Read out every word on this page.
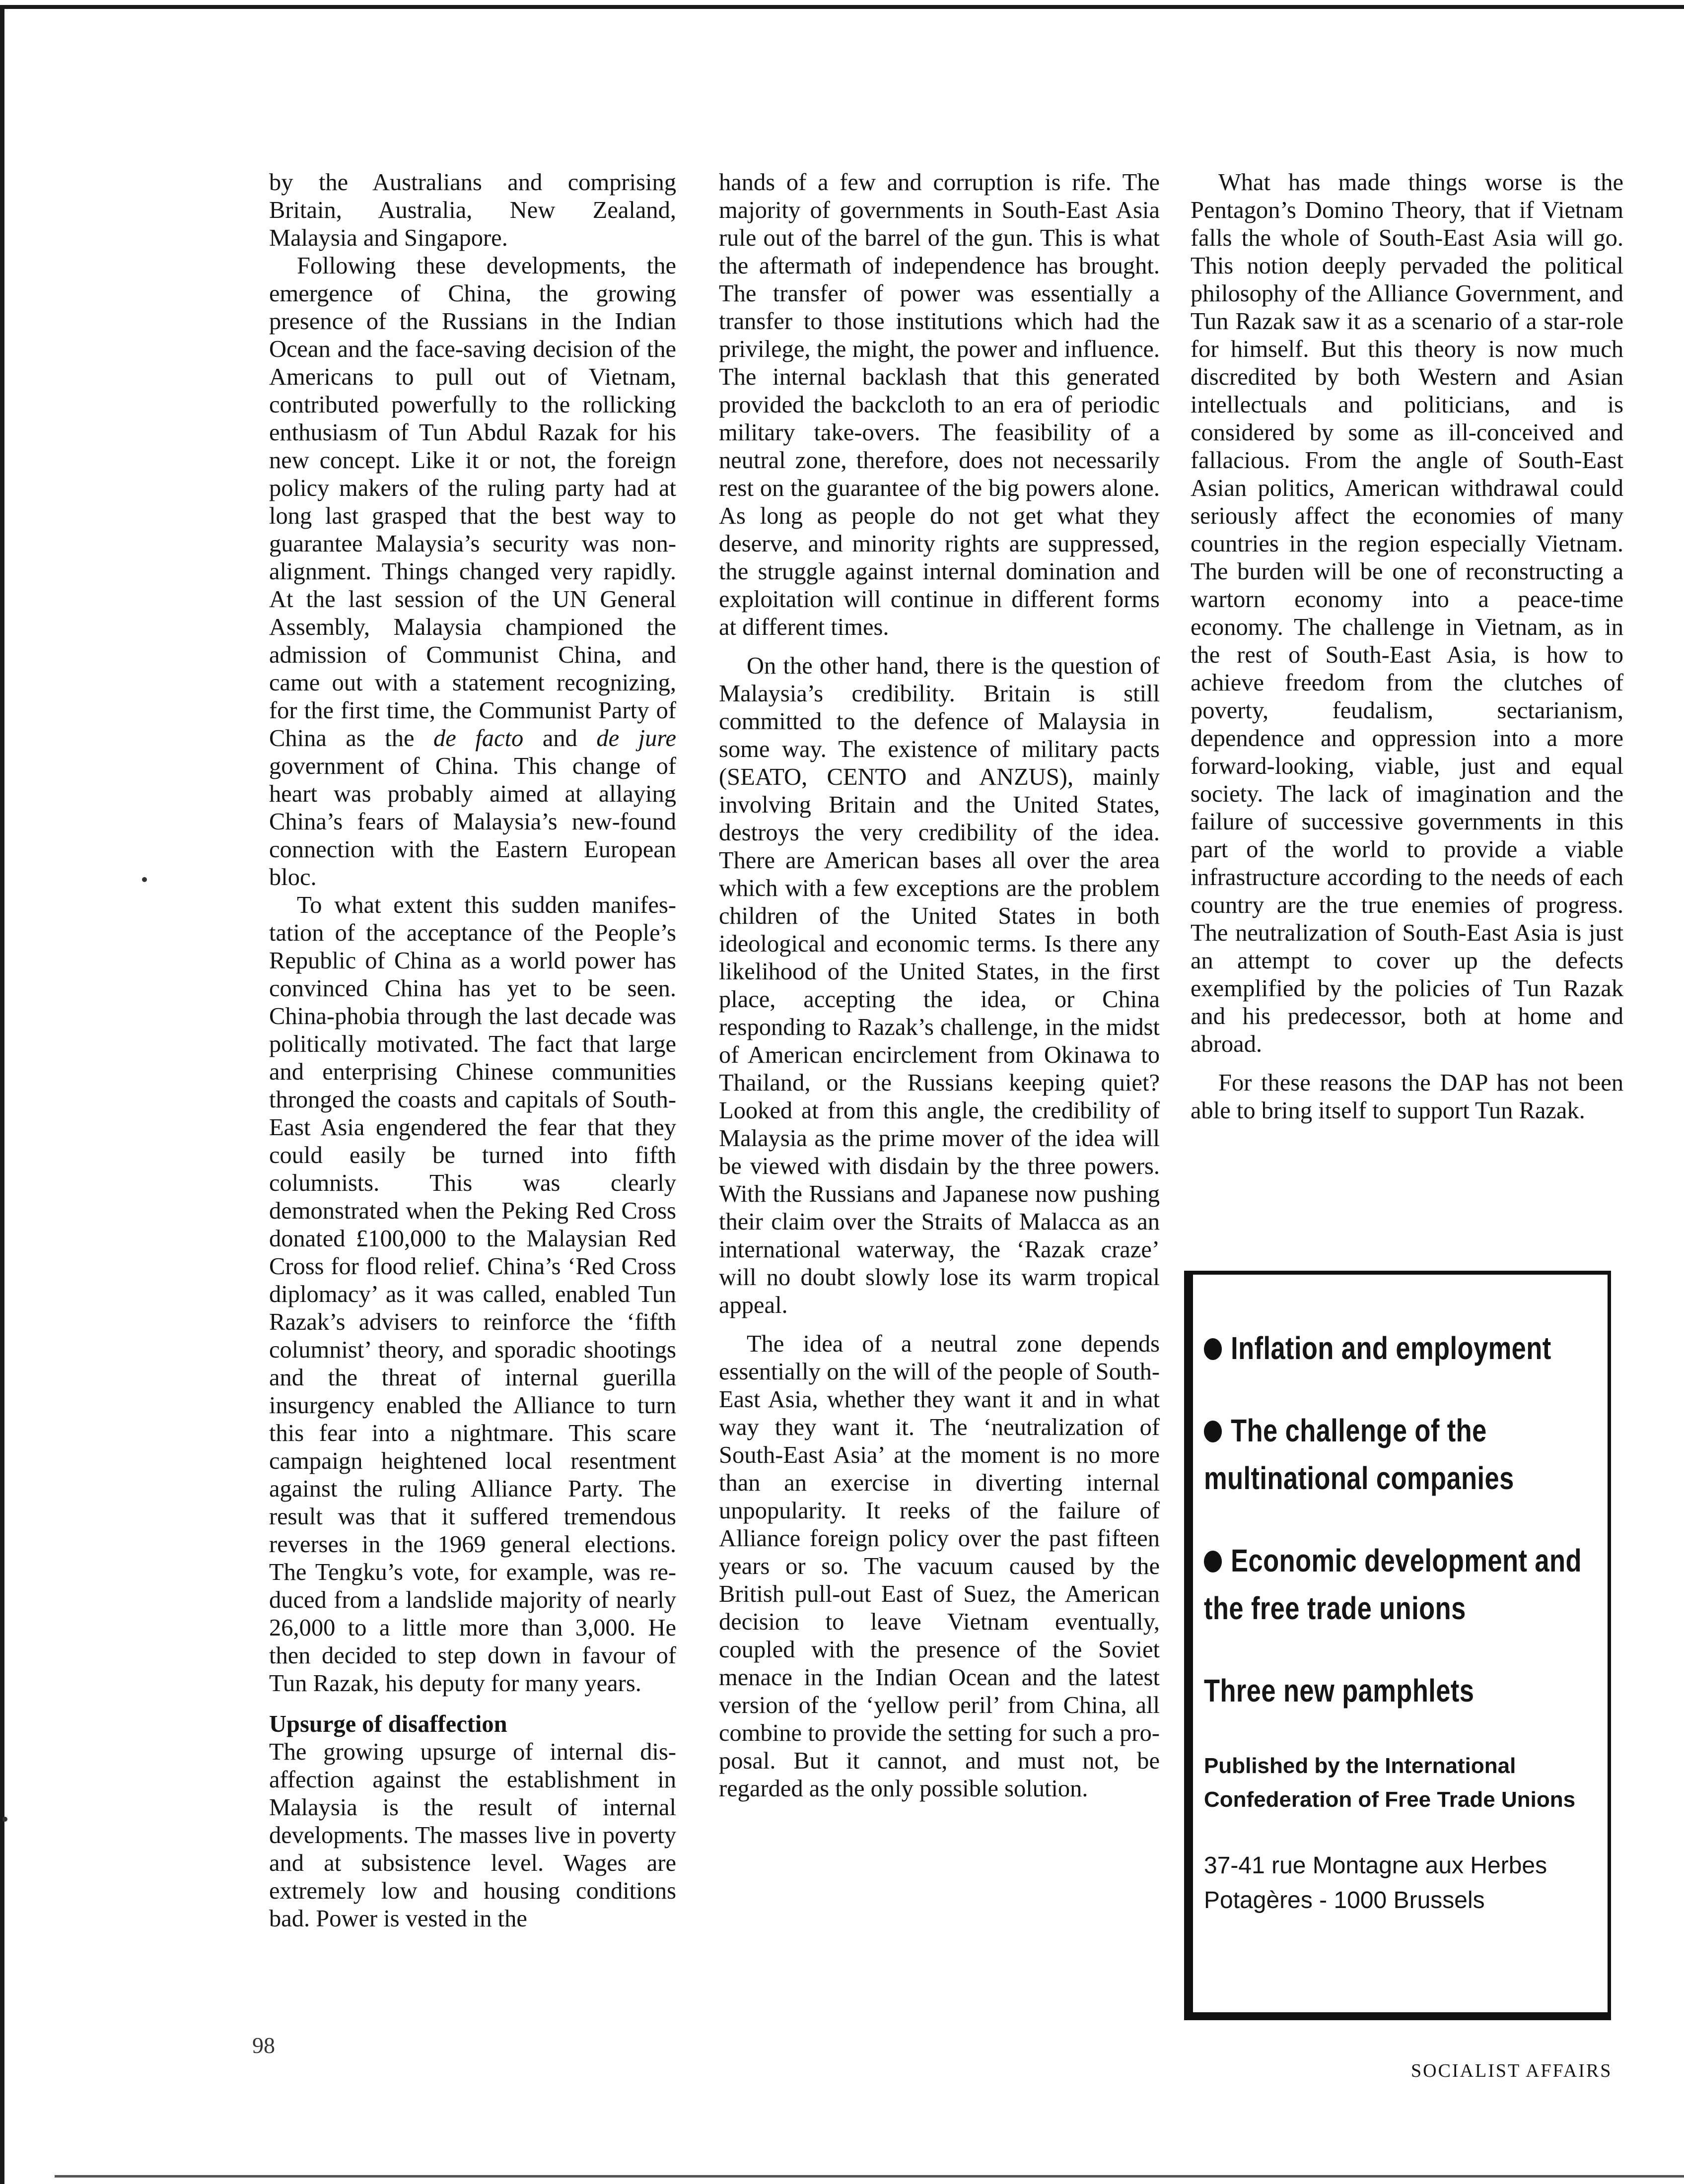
by the Australians and comprising Britain, Australia, New Zealand, Malaysia and Singapore.

Following these developments, the emergence of China, the growing presence of the Russians in the Indian Ocean and the face-saving decision of the Americans to pull out of Vietnam, contributed powerfully to the rollicking enthusiasm of Tun Abdul Razak for his new concept. Like it or not, the foreign policy makers of the ruling party had at long last grasped that the best way to guarantee Malaysia’s security was non-alignment. Things changed very rapidly. At the last session of the UN General Assembly, Malaysia championed the admission of Communist China, and came out with a statement recognizing, for the first time, the Communist Party of China as the de facto and de jure government of China. This change of heart was probably aimed at allaying China’s fears of Malaysia’s new-found connection with the Eastern European bloc.

To what extent this sudden manifestation of the acceptance of the People’s Republic of China as a world power has convinced China has yet to be seen. China-phobia through the last decade was politically motivated. The fact that large and enterprising Chinese communities thronged the coasts and capitals of South-East Asia engendered the fear that they could easily be turned into fifth columnists. This was clearly demonstrated when the Peking Red Cross donated £100,000 to the Malaysian Red Cross for flood relief. China’s ‘Red Cross diplomacy’ as it was called, enabled Tun Razak’s advisers to reinforce the ‘fifth columnist’ theory, and sporadic shootings and the threat of internal guerilla insurgency enabled the Alliance to turn this fear into a nightmare. This scare campaign heightened local resentment against the ruling Alliance Party. The result was that it suffered tremendous reverses in the 1969 general elections. The Tengku’s vote, for example, was reduced from a landslide majority of nearly 26,000 to a little more than 3,000. He then decided to step down in favour of Tun Razak, his deputy for many years.

Upsurge of disaffection

The growing upsurge of internal disaffection against the establishment in Malaysia is the result of internal developments. The masses live in poverty and at subsistence level. Wages are extremely low and housing conditions bad. Power is vested in the

hands of a few and corruption is rife. The majority of governments in South-East Asia rule out of the barrel of the gun. This is what the aftermath of independence has brought. The transfer of power was essentially a transfer to those institutions which had the privilege, the might, the power and influence. The internal backlash that this generated provided the backcloth to an era of periodic military take-overs. The feasibility of a neutral zone, therefore, does not necessarily rest on the guarantee of the big powers alone. As long as people do not get what they deserve, and minority rights are suppressed, the struggle against internal domination and exploitation will continue in different forms at different times.

On the other hand, there is the question of Malaysia’s credibility. Britain is still committed to the defence of Malaysia in some way. The existence of military pacts (SEATO, CENTO and ANZUS), mainly involving Britain and the United States, destroys the very credibility of the idea. There are American bases all over the area which with a few exceptions are the problem children of the United States in both ideological and economic terms. Is there any likelihood of the United States, in the first place, accepting the idea, or China responding to Razak’s challenge, in the midst of American encirclement from Okinawa to Thailand, or the Russians keeping quiet? Looked at from this angle, the credibility of Malaysia as the prime mover of the idea will be viewed with disdain by the three powers. With the Russians and Japanese now pushing their claim over the Straits of Malacca as an international waterway, the ‘Razak craze’ will no doubt slowly lose its warm tropical appeal.

The idea of a neutral zone depends essentially on the will of the people of South-East Asia, whether they want it and in what way they want it. The ‘neutralization of South-East Asia’ at the moment is no more than an exercise in diverting internal unpopularity. It reeks of the failure of Alliance foreign policy over the past fifteen years or so. The vacuum caused by the British pull-out East of Suez, the American decision to leave Vietnam eventually, coupled with the presence of the Soviet menace in the Indian Ocean and the latest version of the ‘yellow peril’ from China, all combine to provide the setting for such a proposal. But it cannot, and must not, be regarded as the only possible solution.

What has made things worse is the Pentagon’s Domino Theory, that if Vietnam falls the whole of South-East Asia will go. This notion deeply pervaded the political philosophy of the Alliance Government, and Tun Razak saw it as a scenario of a star-role for himself. But this theory is now much discredited by both Western and Asian intellectuals and politicians, and is considered by some as ill-conceived and fallacious. From the angle of South-East Asian politics, American withdrawal could seriously affect the economies of many countries in the region especially Vietnam. The burden will be one of reconstructing a wartorn economy into a peace-time economy. The challenge in Vietnam, as in the rest of South-East Asia, is how to achieve freedom from the clutches of poverty, feudalism, sectarianism, dependence and oppression into a more forward-looking, viable, just and equal society. The lack of imagination and the failure of successive governments in this part of the world to provide a viable infrastructure according to the needs of each country are the true enemies of progress. The neutralization of South-East Asia is just an attempt to cover up the defects exemplified by the policies of Tun Razak and his predecessor, both at home and abroad.

For these reasons the DAP has not been able to bring itself to support Tun Razak.

Inflation and employment
The challenge of the multinational companies
Economic development and the free trade unions
Three new pamphlets
Published by the International Confederation of Free Trade Unions
37-41 rue Montagne aux Herbes Potagères - 1000 Brussels
98
SOCIALIST AFFAIRS
